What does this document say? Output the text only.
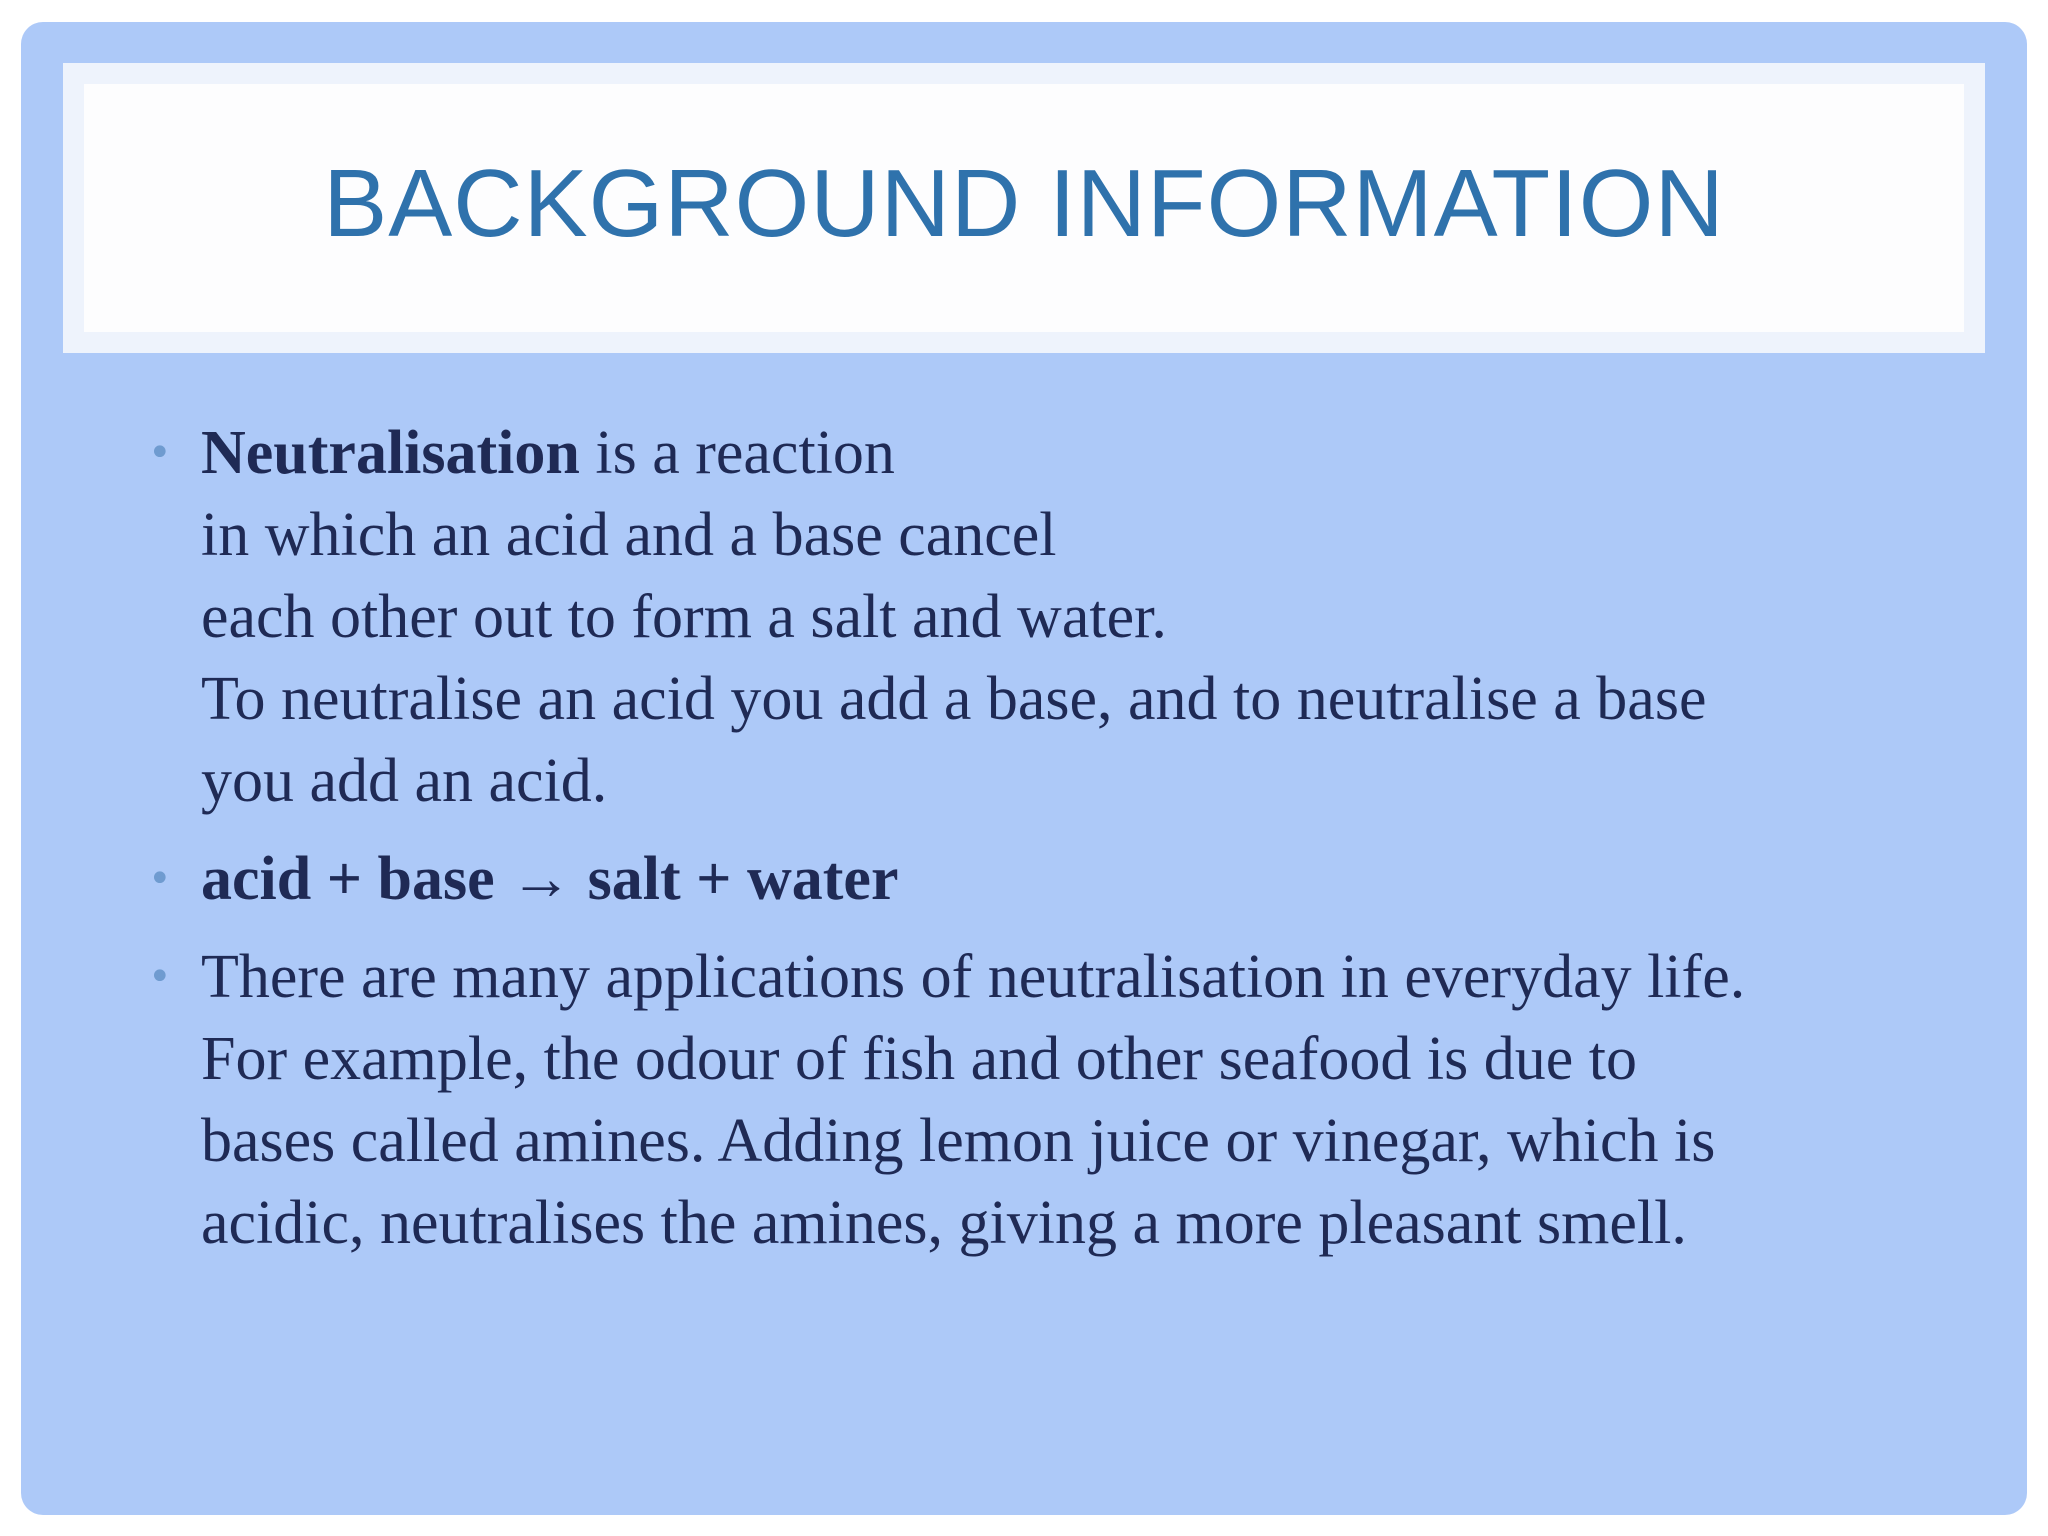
BACKGROUND INFORMATION
• Neutralisation is a reaction
in which an acid and a base cancel
each other out to form a salt and water.
To neutralise an acid you add a base, and to neutralise a base
you add an acid.
• acid + base → salt + water
• There are many applications of neutralisation in everyday life.
For example, the odour of fish and other seafood is due to
bases called amines. Adding lemon juice or vinegar, which is
acidic, neutralises the amines, giving a more pleasant smell.
